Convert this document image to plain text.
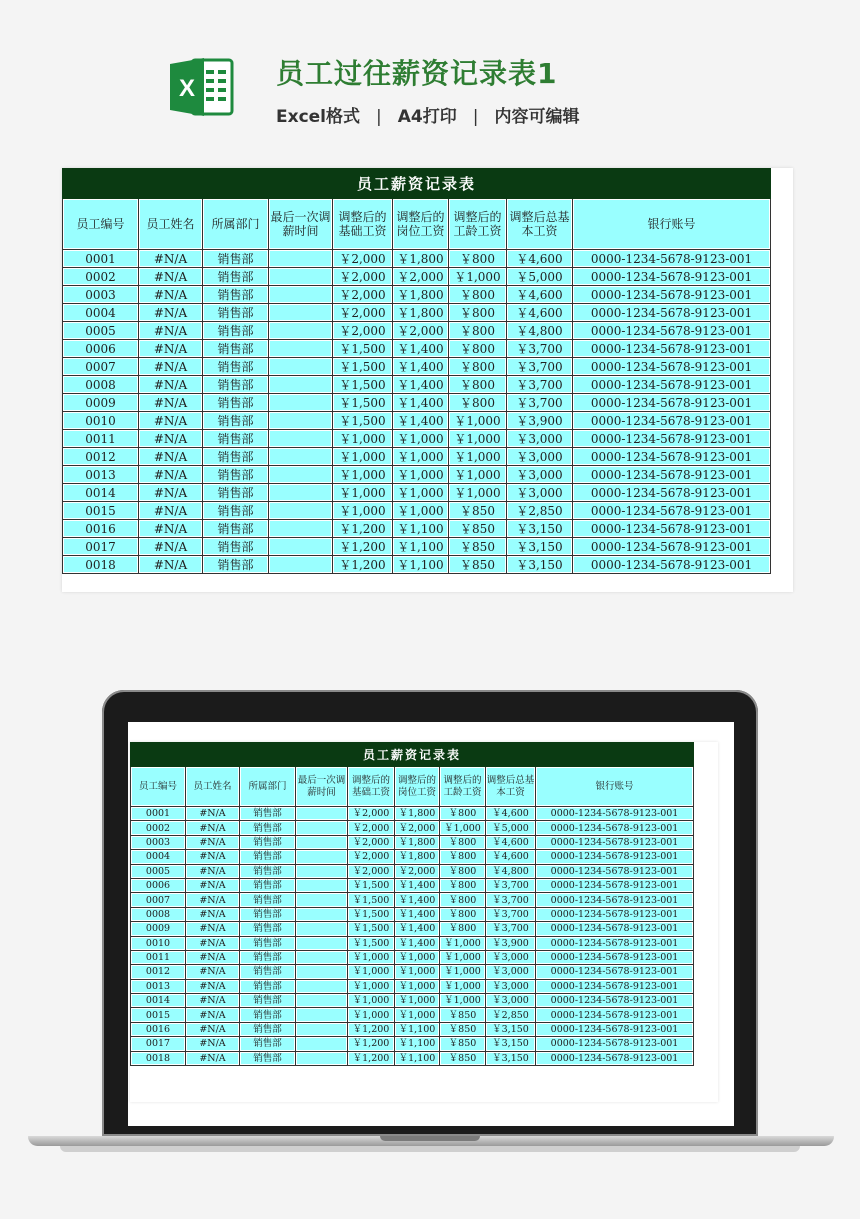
X	员工过往薪资记录表1
Excel格式 | A4打印 | 内容可编辑
员工薪资记录表								
员工编号	员工姓名	所属部门	最后一次调薪时间	调整后的基础工资	调整后的岗位工资	调整后的工龄工资	调整后总基本工资	银行账号
0001	#N/A	销售部		￥2,000	￥1,800	￥800	￥4,600	0000-1234-5678-9123-001
0002	#N/A	销售部		￥2,000	￥2,000	￥1,000	￥5,000	0000-1234-5678-9123-001
0003	#N/A	销售部		￥2,000	￥1,800	￥800	￥4,600	0000-1234-5678-9123-001
0004	#N/A	销售部		￥2,000	￥1,800	￥800	￥4,600	0000-1234-5678-9123-001
0005	#N/A	销售部		￥2,000	￥2,000	￥800	￥4,800	0000-1234-5678-9123-001
0006	#N/A	销售部		￥1,500	￥1,400	￥800	￥3,700	0000-1234-5678-9123-001
0007	#N/A	销售部		￥1,500	￥1,400	￥800	￥3,700	0000-1234-5678-9123-001
0008	#N/A	销售部		￥1,500	￥1,400	￥800	￥3,700	0000-1234-5678-9123-001
0009	#N/A	销售部		￥1,500	￥1,400	￥800	￥3,700	0000-1234-5678-9123-001
0010	#N/A	销售部		￥1,500	￥1,400	￥1,000	￥3,900	0000-1234-5678-9123-001
0011	#N/A	销售部		￥1,000	￥1,000	￥1,000	￥3,000	0000-1234-5678-9123-001
0012	#N/A	销售部		￥1,000	￥1,000	￥1,000	￥3,000	0000-1234-5678-9123-001
0013	#N/A	销售部		￥1,000	￥1,000	￥1,000	￥3,000	0000-1234-5678-9123-001
0014	#N/A	销售部		￥1,000	￥1,000	￥1,000	￥3,000	0000-1234-5678-9123-001
0015	#N/A	销售部		￥1,000	￥1,000	￥850	￥2,850	0000-1234-5678-9123-001
0016	#N/A	销售部		￥1,200	￥1,100	￥850	￥3,150	0000-1234-5678-9123-001
0017	#N/A	销售部		￥1,200	￥1,100	￥850	￥3,150	0000-1234-5678-9123-001
0018	#N/A	销售部		￥1,200	￥1,100	￥850	￥3,150	0000-1234-5678-9123-001
员工薪资记录表								
员工编号	员工姓名	所属部门	最后一次调薪时间	调整后的基础工资	调整后的岗位工资	调整后的工龄工资	调整后总基本工资	银行账号
0001	#N/A	销售部		￥2,000	￥1,800	￥800	￥4,600	0000-1234-5678-9123-001
0002	#N/A	销售部		￥2,000	￥2,000	￥1,000	￥5,000	0000-1234-5678-9123-001
0003	#N/A	销售部		￥2,000	￥1,800	￥800	￥4,600	0000-1234-5678-9123-001
0004	#N/A	销售部		￥2,000	￥1,800	￥800	￥4,600	0000-1234-5678-9123-001
0005	#N/A	销售部		￥2,000	￥2,000	￥800	￥4,800	0000-1234-5678-9123-001
0006	#N/A	销售部		￥1,500	￥1,400	￥800	￥3,700	0000-1234-5678-9123-001
0007	#N/A	销售部		￥1,500	￥1,400	￥800	￥3,700	0000-1234-5678-9123-001
0008	#N/A	销售部		￥1,500	￥1,400	￥800	￥3,700	0000-1234-5678-9123-001
0009	#N/A	销售部		￥1,500	￥1,400	￥800	￥3,700	0000-1234-5678-9123-001
0010	#N/A	销售部		￥1,500	￥1,400	￥1,000	￥3,900	0000-1234-5678-9123-001
0011	#N/A	销售部		￥1,000	￥1,000	￥1,000	￥3,000	0000-1234-5678-9123-001
0012	#N/A	销售部		￥1,000	￥1,000	￥1,000	￥3,000	0000-1234-5678-9123-001
0013	#N/A	销售部		￥1,000	￥1,000	￥1,000	￥3,000	0000-1234-5678-9123-001
0014	#N/A	销售部		￥1,000	￥1,000	￥1,000	￥3,000	0000-1234-5678-9123-001
0015	#N/A	销售部		￥1,000	￥1,000	￥850	￥2,850	0000-1234-5678-9123-001
0016	#N/A	销售部		￥1,200	￥1,100	￥850	￥3,150	0000-1234-5678-9123-001
0017	#N/A	销售部		￥1,200	￥1,100	￥850	￥3,150	0000-1234-5678-9123-001
0018	#N/A	销售部		￥1,200	￥1,100	￥850	￥3,150	0000-1234-5678-9123-001
